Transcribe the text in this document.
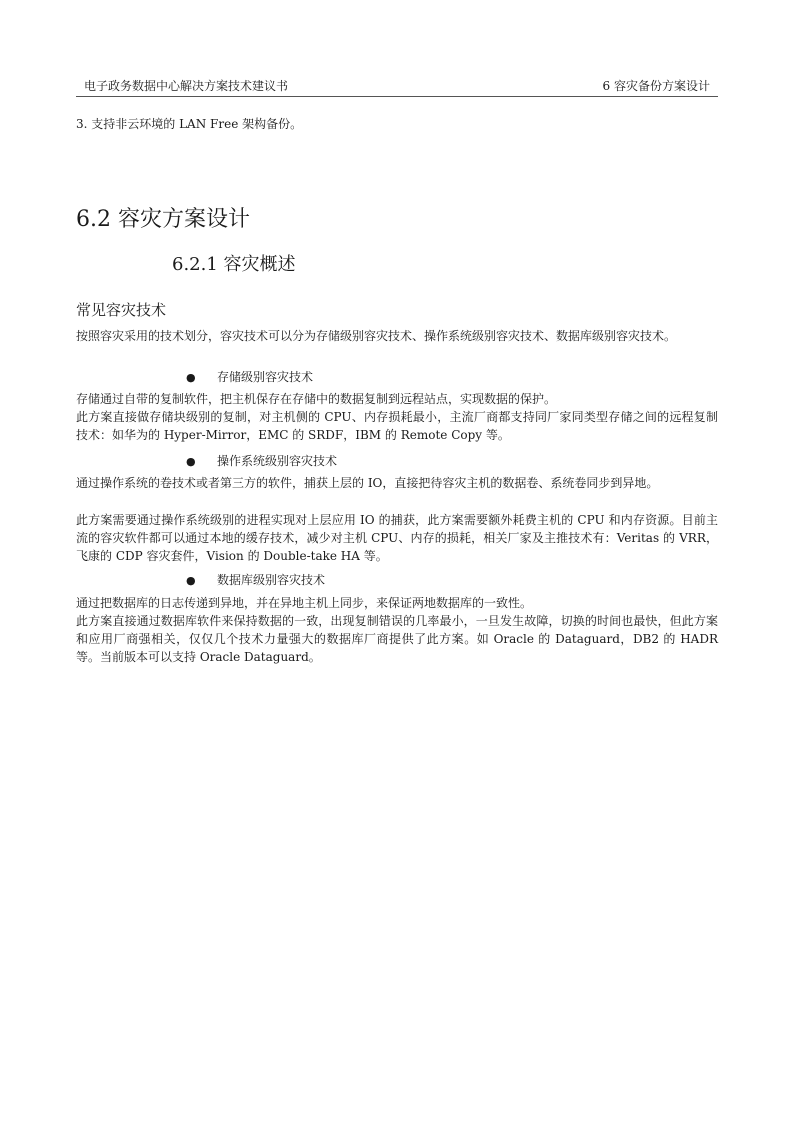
电子政务数据中心解决方案技术建议书	6 容灾备份方案设计
3. 支持非云环境的 LAN Free 架构备份。
6.2 容灾方案设计
6.2.1 容灾概述
常见容灾技术
按照容灾采用的技术划分，容灾技术可以分为存储级别容灾技术、操作系统级别容灾技术、数据库级别容灾技术。
● 存储级别容灾技术
存储通过自带的复制软件，把主机保存在存储中的数据复制到远程站点，实现数据的保护。
此方案直接做存储块级别的复制，对主机侧的 CPU、内存损耗最小，主流厂商都支持同厂家同类型存储之间的远程复制技术：如华为的 Hyper-Mirror，EMC 的 SRDF，IBM 的 Remote Copy 等。
● 操作系统级别容灾技术
通过操作系统的卷技术或者第三方的软件，捕获上层的 IO，直接把待容灾主机的数据卷、系统卷同步到异地。
此方案需要通过操作系统级别的进程实现对上层应用 IO 的捕获，此方案需要额外耗费主机的 CPU 和内存资源。目前主流的容灾软件都可以通过本地的缓存技术，减少对主机 CPU、内存的损耗，相关厂家及主推技术有：Veritas 的 VRR，飞康的 CDP 容灾套件，Vision 的 Double-take HA 等。
● 数据库级别容灾技术
通过把数据库的日志传递到异地，并在异地主机上同步，来保证两地数据库的一致性。
此方案直接通过数据库软件来保持数据的一致，出现复制错误的几率最小，一旦发生故障，切换的时间也最快，但此方案和应用厂商强相关，仅仅几个技术力量强大的数据库厂商提供了此方案。如 Oracle 的 Dataguard，DB2 的 HADR 等。当前版本可以支持 Oracle Dataguard。
